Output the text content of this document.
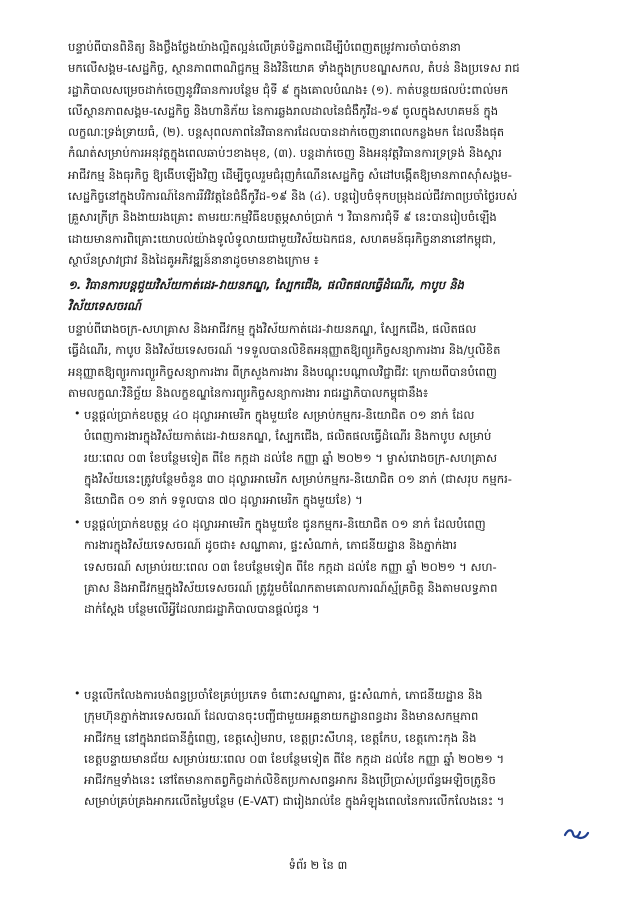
បន្ទាប់ពីបានពិនិត្យ និងថ្លឹងថ្លែងយ៉ាងល្អិតល្អន់លើគ្រប់ទិដ្ឋភាពដើម្បីបំពេញតម្រូវការចាំបាច់នានា
មកលើសង្គម-សេដ្ឋកិច្ច, ស្ថានភាពពាណិជ្ជកម្ម និងវិនិយោគ ទាំងក្នុងក្របខណ្ឌសកល, តំបន់ និងប្រទេស រាជ
រដ្ឋាភិបាលសម្រេចដាក់ចេញនូវវិធានការបន្ថែម ជុំទី ៩ ក្នុងគោលបំណង៖ (១). កាត់បន្ថយផលប៉ះពាល់មក
លើស្ថានភាពសង្គម-សេដ្ឋកិច្ច និងហានិភ័យ នៃការឆ្លងរាលដាលនៃជំងឺកូវីដ-១៩ ចូលក្នុងសហគមន៍ ក្នុង
លក្ខណៈទ្រង់ទ្រាយធំ, (២). បន្តសុពលភាពនៃវិធានការដែលបានដាក់ចេញនាពេលកន្លងមក ដែលនឹងផុត
កំណត់សម្រាប់ការអនុវត្តក្នុងពេលឆាប់ៗខាងមុខ, (៣). បន្តដាក់ចេញ និងអនុវត្តវិធានការទ្រទ្រង់ និងស្តារ
អាជីវកម្ម និងធុរកិច្ច ឱ្យងើបឡើងវិញ ដើម្បីចូលរួមជំរុញកំណើនសេដ្ឋកិច្ច សំដៅបង្កើតឱ្យមានភាពស៊ាំសង្គម-
សេដ្ឋកិច្ចនៅក្នុងបរិការណ៍នៃការរីវវិវត្តនៃជំងឺកូវីដ-១៩ និង (៤). បន្តរៀបចំទុកបម្រុងដល់ជីវភាពប្រចាំថ្ងៃរបស់
គ្រួសារក្រីក្រ និងងាយរងគ្រោះ តាមរយៈកម្មវិធីឧបត្ថម្ភសាច់ប្រាក់ ។ វិធានការជុំទី ៩ នេះបានរៀបចំឡើង
ដោយមានការពិគ្រោះយោបល់យ៉ាងទូលំទូលាយជាមួយវិស័យឯកជន, សហគមន៍ធុរកិច្ចនានានៅកម្ពុជា,
ស្ថាប័នស្រាវជ្រាវ និងដៃគូអភិវឌ្ឍន៍នានាដូចមានខាងក្រោម ៖
១. វិធានការបន្តជួយវិស័យកាត់ដេរ-វាយនភណ្ឌ, ស្បែកជើង, ផលិតផលធ្វើដំណើរ, កាបូប និង
វិស័យទេសចរណ៍
បន្ទាប់ពីរោងចក្រ-សហគ្រាស និងអាជីវកម្ម ក្នុងវិស័យកាត់ដេរ-វាយនភណ្ឌ, ស្បែកជើង, ផលិតផល
ធ្វើដំណើរ, កាបូប និងវិស័យទេសចរណ៍ ។ទទួលបានលិខិតអនុញ្ញាតឱ្យព្យួរកិច្ចសន្យាការងារ និង/ឬលិខិត
អនុញ្ញាតឱ្យព្យួរការព្យួរកិច្ចសន្យាការងារ ពីក្រសួងការងារ និងបណ្តុះបណ្តាលវិជ្ជាជីវៈ ក្រោយពីបានបំពេញ
តាមលក្ខណៈវិនិច្ឆ័យ និងលក្ខខណ្ឌនៃការព្យួរកិច្ចសន្យាការងារ រាជរដ្ឋាភិបាលកម្ពុជានឹង៖
• បន្តផ្តល់ប្រាក់ឧបត្ថម្ភ ៤០ ដុល្លារអាមេរិក ក្នុងមួយខែ សម្រាប់កម្មករ-និយោជិត ០១ នាក់ ដែល
បំពេញការងារក្នុងវិស័យកាត់ដេរ-វាយនភណ្ឌ, ស្បែកជើង, ផលិតផលធ្វើដំណើរ និងកាបូប សម្រាប់
រយៈពេល ០៣ ខែបន្ថែមទៀត ពីខែ កក្កដា ដល់ខែ កញ្ញា ឆ្នាំ ២០២១ ។ ម្ចាស់រោងចក្រ-សហគ្រាស
ក្នុងវិស័យនេះត្រូវបន្ថែមចំនួន ៣០ ដុល្លារអាមេរិក សម្រាប់កម្មករ-និយោជិត ០១ នាក់ (ជាសរុប កម្មករ-
និយោជិត ០១ នាក់ ទទួលបាន ៧០ ដុល្លារអាមេរិក ក្នុងមួយខែ) ។
• បន្តផ្តល់ប្រាក់ឧបត្ថម្ភ ៤០ ដុល្លារអាមេរិក ក្នុងមួយខែ ជូនកម្មករ-និយោជិត ០១ នាក់ ដែលបំពេញ
ការងារក្នុងវិស័យទេសចរណ៍ ដូចជា៖ សណ្ឋាគារ, ផ្ទះសំណាក់, ភោជនីយដ្ឋាន និងភ្នាក់ងារ
ទេសចរណ៍ សម្រាប់រយៈពេល ០៣ ខែបន្ថែមទៀត ពីខែ កក្កដា ដល់ខែ កញ្ញា ឆ្នាំ ២០២១ ។ សហ-
គ្រាស និងអាជីវកម្មក្នុងវិស័យទេសចរណ៍ ត្រូវរួមចំណែកតាមគោលការណ៍ស្ម័គ្រចិត្ត និងតាមលទ្ធភាព
ដាក់ស្តែង បន្ថែមលើអ្វីដែលរាជរដ្ឋាភិបាលបានផ្តល់ជូន ។
• បន្តលើកលែងការបង់ពន្ធប្រចាំខែគ្រប់ប្រភេទ ចំពោះសណ្ឋាគារ, ផ្ទះសំណាក់, ភោជនីយដ្ឋាន និង
ក្រុមហ៊ុនភ្នាក់ងារទេសចរណ៍ ដែលបានចុះបញ្ជីជាមួយអគ្គនាយកដ្ឋានពន្ធដារ និងមានសកម្មភាព
អាជីវកម្ម នៅក្នុងរាជធានីភ្នំពេញ, ខេត្តសៀមរាប, ខេត្តព្រះសីហនុ, ខេត្តកែប, ខេត្តកោះកុង និង
ខេត្តបន្ទាយមានជ័យ សម្រាប់រយៈពេល ០៣ ខែបន្ថែមទៀត ពីខែ កក្កដា ដល់ខែ កញ្ញា ឆ្នាំ ២០២១ ។
អាជីវកម្មទាំងនេះ នៅតែមានកាតព្វកិច្ចដាក់លិខិតប្រកាសពន្ធអាករ និងប្រើប្រាស់ប្រព័ន្ធអេឡិចត្រូនិច
សម្រាប់គ្រប់គ្រងអាករលើតម្លៃបន្ថែម (E-VAT) ជារៀងរាល់ខែ ក្នុងអំឡុងពេលនៃការលើកលែងនេះ ។
ទំព័រ ២ នៃ ៣
